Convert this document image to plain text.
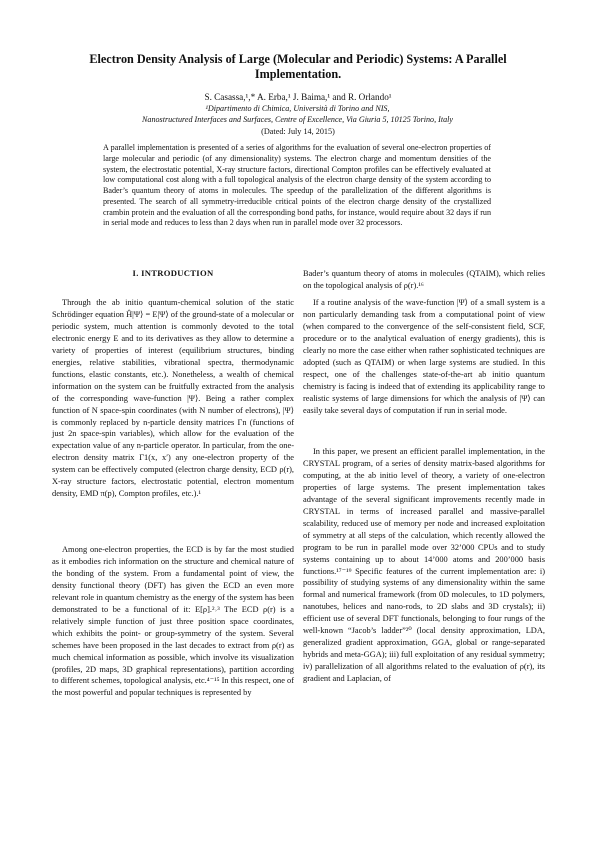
Electron Density Analysis of Large (Molecular and Periodic) Systems: A Parallel Implementation.
S. Casassa,¹,* A. Erba,¹ J. Baima,¹ and R. Orlando¹
¹Dipartimento di Chimica, Università di Torino and NIS,
Nanostructured Interfaces and Surfaces, Centre of Excellence, Via Giuria 5, 10125 Torino, Italy
(Dated: July 14, 2015)
A parallel implementation is presented of a series of algorithms for the evaluation of several one-electron properties of large molecular and periodic (of any dimensionality) systems. The electron charge and momentum densities of the system, the electrostatic potential, X-ray structure factors, directional Compton profiles can be effectively evaluated at low computational cost along with a full topological analysis of the electron charge density of the system according to Bader’s quantum theory of atoms in molecules. The speedup of the parallelization of the different algorithms is presented. The search of all symmetry-irreducible critical points of the electron charge density of the crystallized crambin protein and the evaluation of all the corresponding bond paths, for instance, would require about 32 days if run in serial mode and reduces to less than 2 days when run in parallel mode over 32 processors.
I. INTRODUCTION
Through the ab initio quantum-chemical solution of the static Schrödinger equation Ĥ|Ψ⟩ = E|Ψ⟩ of the ground-state of a molecular or periodic system, much attention is commonly devoted to the total electronic energy E and to its derivatives as they allow to determine a variety of properties of interest (equilibrium structures, binding energies, relative stabilities, vibrational spectra, thermodynamic functions, elastic constants, etc.). Nonetheless, a wealth of chemical information on the system can be fruitfully extracted from the analysis of the corresponding wave-function |Ψ⟩. Being a rather complex function of N space-spin coordinates (with N number of electrons), |Ψ⟩ is commonly replaced by n-particle density matrices Γn (functions of just 2n space-spin variables), which allow for the evaluation of the expectation value of any n-particle operator. In particular, from the one-electron density matrix Γ1(x, x′) any one-electron property of the system can be effectively computed (electron charge density, ECD ρ(r), X-ray structure factors, electrostatic potential, electron momentum density, EMD π(p), Compton profiles, etc.).¹
Among one-electron properties, the ECD is by far the most studied as it embodies rich information on the structure and chemical nature of the bonding of the system. From a fundamental point of view, the density functional theory (DFT) has given the ECD an even more relevant role in quantum chemistry as the energy of the system has been demonstrated to be a functional of it: E[ρ].²˒³ The ECD ρ(r) is a relatively simple function of just three position space coordinates, which exhibits the point- or group-symmetry of the system. Several schemes have been proposed in the last decades to extract from ρ(r) as much chemical information as possible, which involve its visualization (profiles, 2D maps, 3D graphical representations), partition according to different schemes, topological analysis, etc.⁴⁻¹⁵ In this respect, one of the most powerful and popular techniques is represented by
Bader’s quantum theory of atoms in molecules (QTAIM), which relies on the topological analysis of ρ(r).¹⁶
If a routine analysis of the wave-function |Ψ⟩ of a small system is a non particularly demanding task from a computational point of view (when compared to the convergence of the self-consistent field, SCF, procedure or to the analytical evaluation of energy gradients), this is clearly no more the case either when rather sophisticated techniques are adopted (such as QTAIM) or when large systems are studied. In this respect, one of the challenges state-of-the-art ab initio quantum chemistry is facing is indeed that of extending its applicability range to realistic systems of large dimensions for which the analysis of |Ψ⟩ can easily take several days of computation if run in serial mode.
In this paper, we present an efficient parallel implementation, in the CRYSTAL program, of a series of density matrix-based algorithms for computing, at the ab initio level of theory, a variety of one-electron properties of large systems. The present implementation takes advantage of the several significant improvements recently made in CRYSTAL in terms of increased parallel and massive-parallel scalability, reduced use of memory per node and increased exploitation of symmetry at all steps of the calculation, which recently allowed the program to be run in parallel mode over 32’000 CPUs and to study systems containing up to about 14’000 atoms and 200’000 basis functions.¹⁷⁻¹⁹ Specific features of the current implementation are: i) possibility of studying systems of any dimensionality within the same formal and numerical framework (from 0D molecules, to 1D polymers, nanotubes, helices and nano-rods, to 2D slabs and 3D crystals); ii) efficient use of several DFT functionals, belonging to four rungs of the well-known “Jacob’s ladder”²⁰ (local density approximation, LDA, generalized gradient approximation, GGA, global or range-separated hybrids and meta-GGA); iii) full exploitation of any residual symmetry; iv) parallelization of all algorithms related to the evaluation of ρ(r), its gradient and Laplacian, of
